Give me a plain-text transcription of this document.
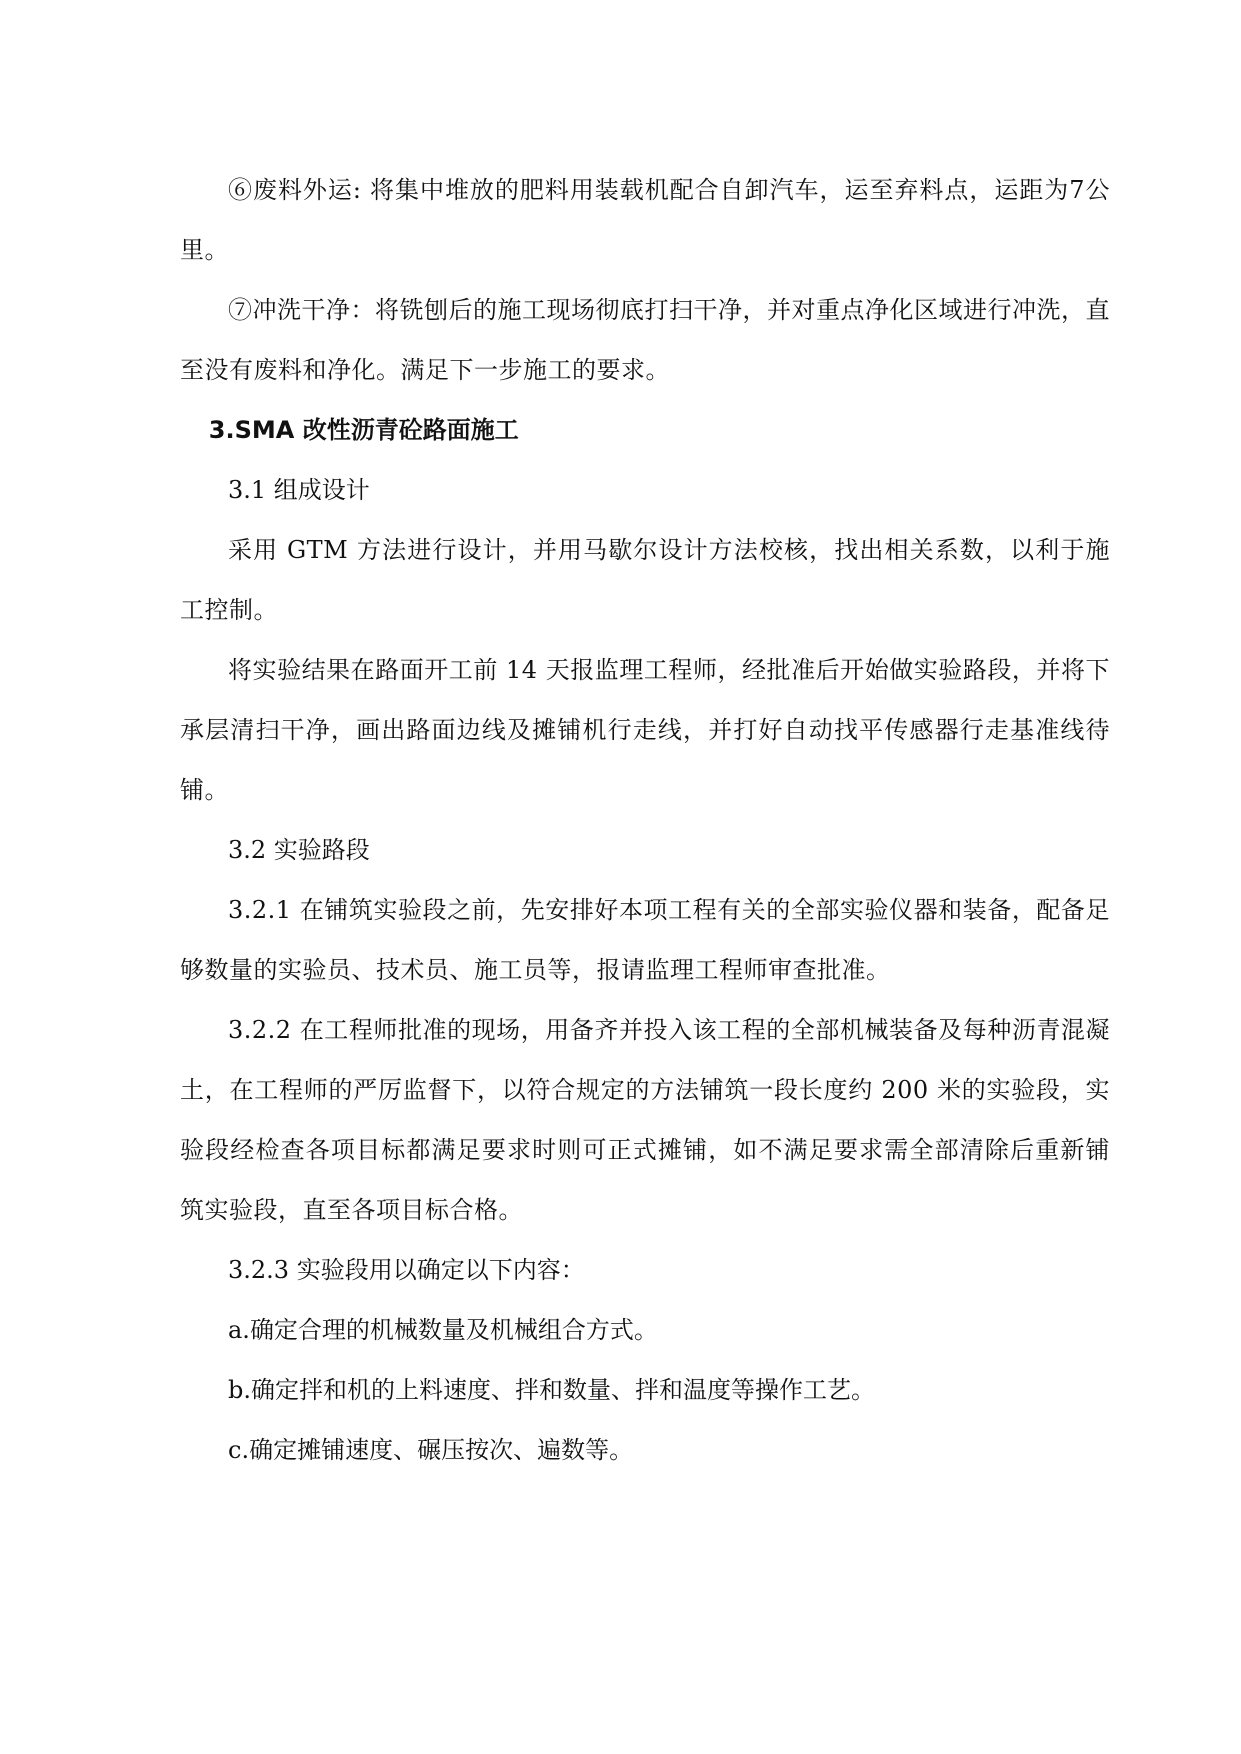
⑥废料外运: 将集中堆放的肥料用装载机配合自卸汽车，运至弃料点，运距为7公里。

⑦冲洗干净：将铣刨后的施工现场彻底打扫干净，并对重点净化区域进行冲洗，直至没有废料和净化。满足下一步施工的要求。

3.SMA 改性沥青砼路面施工

3.1 组成设计

采用 GTM 方法进行设计，并用马歇尔设计方法校核，找出相关系数，以利于施工控制。

将实验结果在路面开工前 14 天报监理工程师，经批准后开始做实验路段，并将下承层清扫干净，画出路面边线及摊铺机行走线，并打好自动找平传感器行走基准线待铺。

3.2 实验路段

3.2.1 在铺筑实验段之前，先安排好本项工程有关的全部实验仪器和装备，配备足够数量的实验员、技术员、施工员等，报请监理工程师审查批准。

3.2.2 在工程师批准的现场，用备齐并投入该工程的全部机械装备及每种沥青混凝土，在工程师的严厉监督下，以符合规定的方法铺筑一段长度约 200 米的实验段，实验段经检查各项目标都满足要求时则可正式摊铺，如不满足要求需全部清除后重新铺筑实验段，直至各项目标合格。

3.2.3 实验段用以确定以下内容：

a.确定合理的机械数量及机械组合方式。

b.确定拌和机的上料速度、拌和数量、拌和温度等操作工艺。

c.确定摊铺速度、碾压按次、遍数等。
